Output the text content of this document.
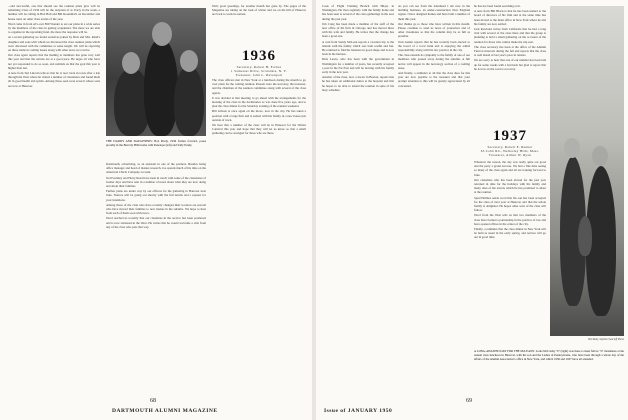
...and successful, one that should see the reunion plans give will be remaining Class of 1936 will be the recipient of at. Early in the week, a number will be calling in Bob Hall and Bill Rosenthal's on December and house tours on other class events of the year.

Word came in from Al's own Bill Wonder to set our plans in a wide series by the members of the class in getting acquainted. The more we are able to organize in the upcoming fund, the more the response will be.

At a recent gathering we found ourselves joined by Dick and Mrs. Rand's daughter and sons with whom we discussed the class reunion plans which were discussed with the committee at some length. We will be reporting on these items in coming issues along with other news we receive.

Our class agent reports that the mailing to members has gone very well this year and that the returns are at a good pace. He urges all who have not yet responded to do so soon, and reminds us that the goal this year is higher than last.

A note from Ted Lincoln tells us that he is now back in town after a trip through the West where he visited a number of classmates and found them all in good health and spirits. Among those seen were several whose sons are now at Hanover.

THE DADDY AND DAUGHTERS: Bob Prudy, 1936 former forward, poses proudly in the Beverly Hills home with Penelope (left) and Sally Prudy.

Dartmouth, advertising, as an assistant in one of the partners. Besides being office manager and head of market research, Joe spends much of his time on the American Chicle Company account.

Ted Fearnley and Harry Reed have been in touch with some of the classmates of former days and have sent in a number of notes about what they are now doing and about their families.

Further plans are under way by our officers for the gathering in Hanover next June. Notices will be going out shortly with the full details and a request for your intentions.

Among those of the class who have recently changed their location are several who have moved their families to new homes in the suburbs. We hope to hear from each of them soon with news.

Word reached us recently that our classmate in the service has been promoted and is now stationed in the West. He writes that he would welcome a visit from any of the class who pass that way.

1936
Secretary, Robert H. Forbes
1 Somerset Drive, Scarsdale, N. Y.
Treasurer, John L. Davenport

Well, good greetings, for another month has gone by. The pages of the Magazine are taking on the look of winter and we on the hill of Hanover are back to work in earnest.

The class officers met in New York at a luncheon during the month to go over plans for the coming reunion. Present were the secretary, the treasurer, and the chairman of the reunion committee along with several of the class agents.

It was decided at that meeting to go ahead with the arrangements for the housing of the class in the dormitories as was done five years ago, and to plan the class dinner for the Saturday evening of the reunion weekend.

Bill Gibson is once again on the move, now in the city. He has taken a position with a large firm and is settled with his family in a new house just outside of town.

We hear that a number of the class will be in Hanover for the Winter Carnival this year and hope that they will let us know so that a small gathering can be arranged for those who are there.

68
DARTMOUTH ALUMNI MAGAZINE

Cook of Flight Training Branch with Hdqrs. in Washington. He lives regularly with the family home and has been seen at several of the class gatherings in the area during the past year.

Jim Craig has been made a member of the staff of the new office of his firm in Chicago and has moved there with his wife and family. He writes that the change has been a good one.

A card from Sandy McLean reports a vacation trip to the islands with the family which was both restful and fun. He returned to find his business in good shape and is now back in the harness.

Dick Lewis, who has been with the government in Washington for a number of years, has recently accepted a post in the Far East and will be leaving with his family early in the new year.

Another of the class, now a doctor in Boston, reports that he has taken on additional duties at the hospital and that he hopes to be able to attend the reunion in spite of his busy schedule.

As you can see from the letterhead I am now in the building business, an under-construction New England region. I have designed homes and have built a number of them this year.

Our thanks go to those who have written in this month. Please continue to send us news of yourselves and of other classmates so that the column may be as full as possible.

Tom Austin reports that he has recently been elected to the board of a local bank and is enjoying the added responsibility along with his law practice in the city.

The class extends its sympathy to the family of one of our members who passed away during the autumn. A full notice will appear in the necrology section of a coming issue.

And finally, a reminder to all that the class dues for this year are now payable to the treasurer and that your prompt attention to this will be greatly appreciated by all concerned.

he has not been found searching on it.

A note from Bill Black is that he has been named to the board of directors of his firm and at the same time has been moved to the main office in New York where he and his family are now settled.

Jack Rowland writes from California that he had a long visit with several of the class there and that the group is planning to hold a small gathering on the occasion of the reunion for those who cannot make the trip east.

The class secretary has been at the office of the Alumni Fund at intervals during the fall and reports that the class is well ahead of last year's pace in returns.

We are sorry to hear that one of our number has been laid up for some weeks with a bad back but glad to report that he is now on the road to recovery.

1937
Secretary, Robert E. Renner
65 Cobb Rd., Wellesley Hills, Mass.
Treasurer, Arthur W. Ryan

Whatever the reason, the day was really quite our good and the party a grand success. We had a fine time seeing so many of the class again and all are looking forward to June.

Our classmate who has been abroad for the past year returned in time for the holidays with his family and many tales of his travels which he has promised to share at the reunion.

Spud Holmes sends word that his son has been accepted for the class of next year at Hanover and that the whole family is delighted. He hopes other sons of the class will follow.

Word from the West tells us that two members of the class have formed a partnership in the practice of law and have opened offices in the center of the city.

Finally, a reminder that the class dinner in New York will be held as usual in the early spring, and notices will go out in good time.

Bob Ruby, Stephen Swartoff Photo
A LONG-AWAITED DAY FOR THE McLEANS: Louis McCarthy '37 (right) was there to meet fellow '37 classmates at the annual class luncheon in Hanover, with his son and the Ladies of Pennsylvania, who have been through a whole day of the affairs of the Alumni Association's office in New York, and which 1936 and 1937 have all attended.
69
Issue of JANUARY 1950
